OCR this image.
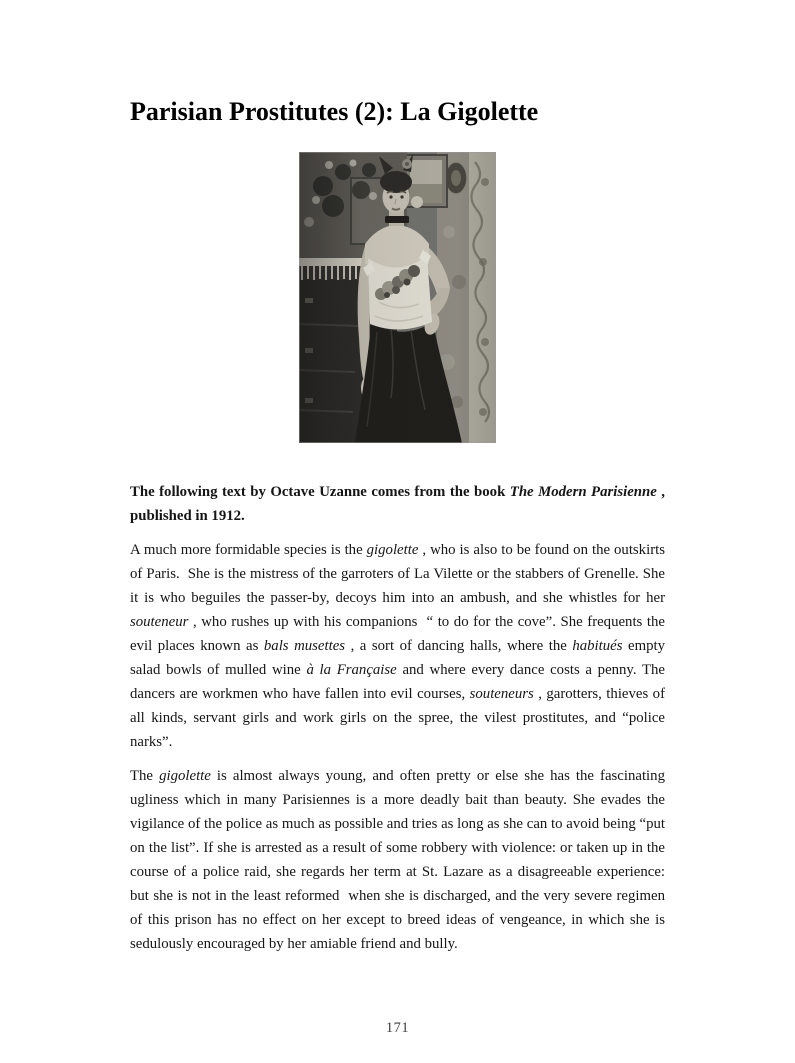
Parisian Prostitutes (2): La Gigolette

The following text by Octave Uzanne comes from the book The Modern Parisienne , published in 1912.

A much more formidable species is the gigolette , who is also to be found on the outskirts of Paris.  She is the mistress of the garroters of La Vilette or the stabbers of Grenelle. She it is who beguiles the passer-by, decoys him into an ambush, and she whistles for her souteneur , who rushes up with his companions  “ to do for the cove”. She frequents the evil places known as bals musettes , a sort of dancing halls, where the habitués empty salad bowls of mulled wine à la Française and where every dance costs a penny. The dancers are workmen who have fallen into evil courses, souteneurs , garotters, thieves of all kinds, servant girls and work girls on the spree, the vilest prostitutes, and “police narks”.

The gigolette is almost always young, and often pretty or else she has the fascinating ugliness which in many Parisiennes is a more deadly bait than beauty. She evades the vigilance of the police as much as possible and tries as long as she can to avoid being “put on the list”. If she is arrested as a result of some robbery with violence: or taken up in the course of a police raid, she regards her term at St. Lazare as a disagreeable experience: but she is not in the least reformed  when she is discharged, and the very severe regimen of this prison has no effect on her except to breed ideas of vengeance, in which she is sedulously encouraged by her amiable friend and bully.

171
